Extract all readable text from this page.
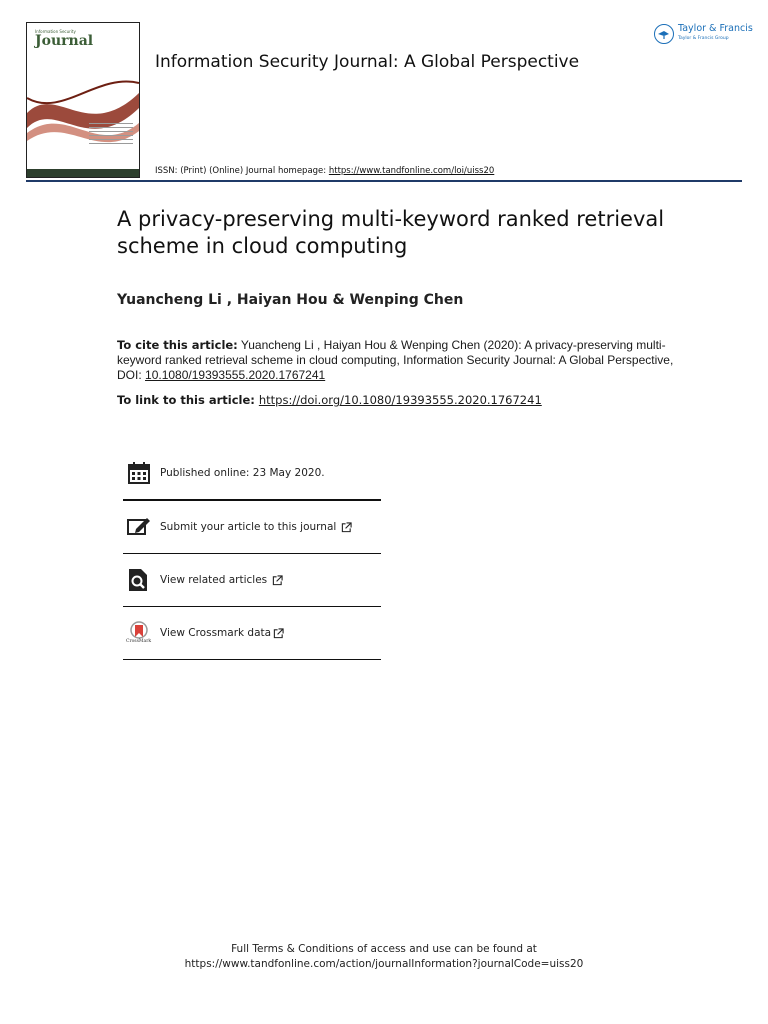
Information Security
Journal
Information Security Journal: A Global Perspective
Taylor & Francis
Taylor & Francis Group
ISSN: (Print) (Online) Journal homepage: https://www.tandfonline.com/loi/uiss20
A privacy-preserving multi-keyword ranked retrieval scheme in cloud computing
Yuancheng Li , Haiyan Hou & Wenping Chen
To cite this article: Yuancheng Li , Haiyan Hou & Wenping Chen (2020): A privacy-preserving multi-keyword ranked retrieval scheme in cloud computing, Information Security Journal: A Global Perspective, DOI: 10.1080/19393555.2020.1767241
To link to this article: https://doi.org/10.1080/19393555.2020.1767241
Published online: 23 May 2020.
Submit your article to this journal
View related articles
CrossMark
View Crossmark data
Full Terms & Conditions of access and use can be found at
https://www.tandfonline.com/action/journalInformation?journalCode=uiss20
